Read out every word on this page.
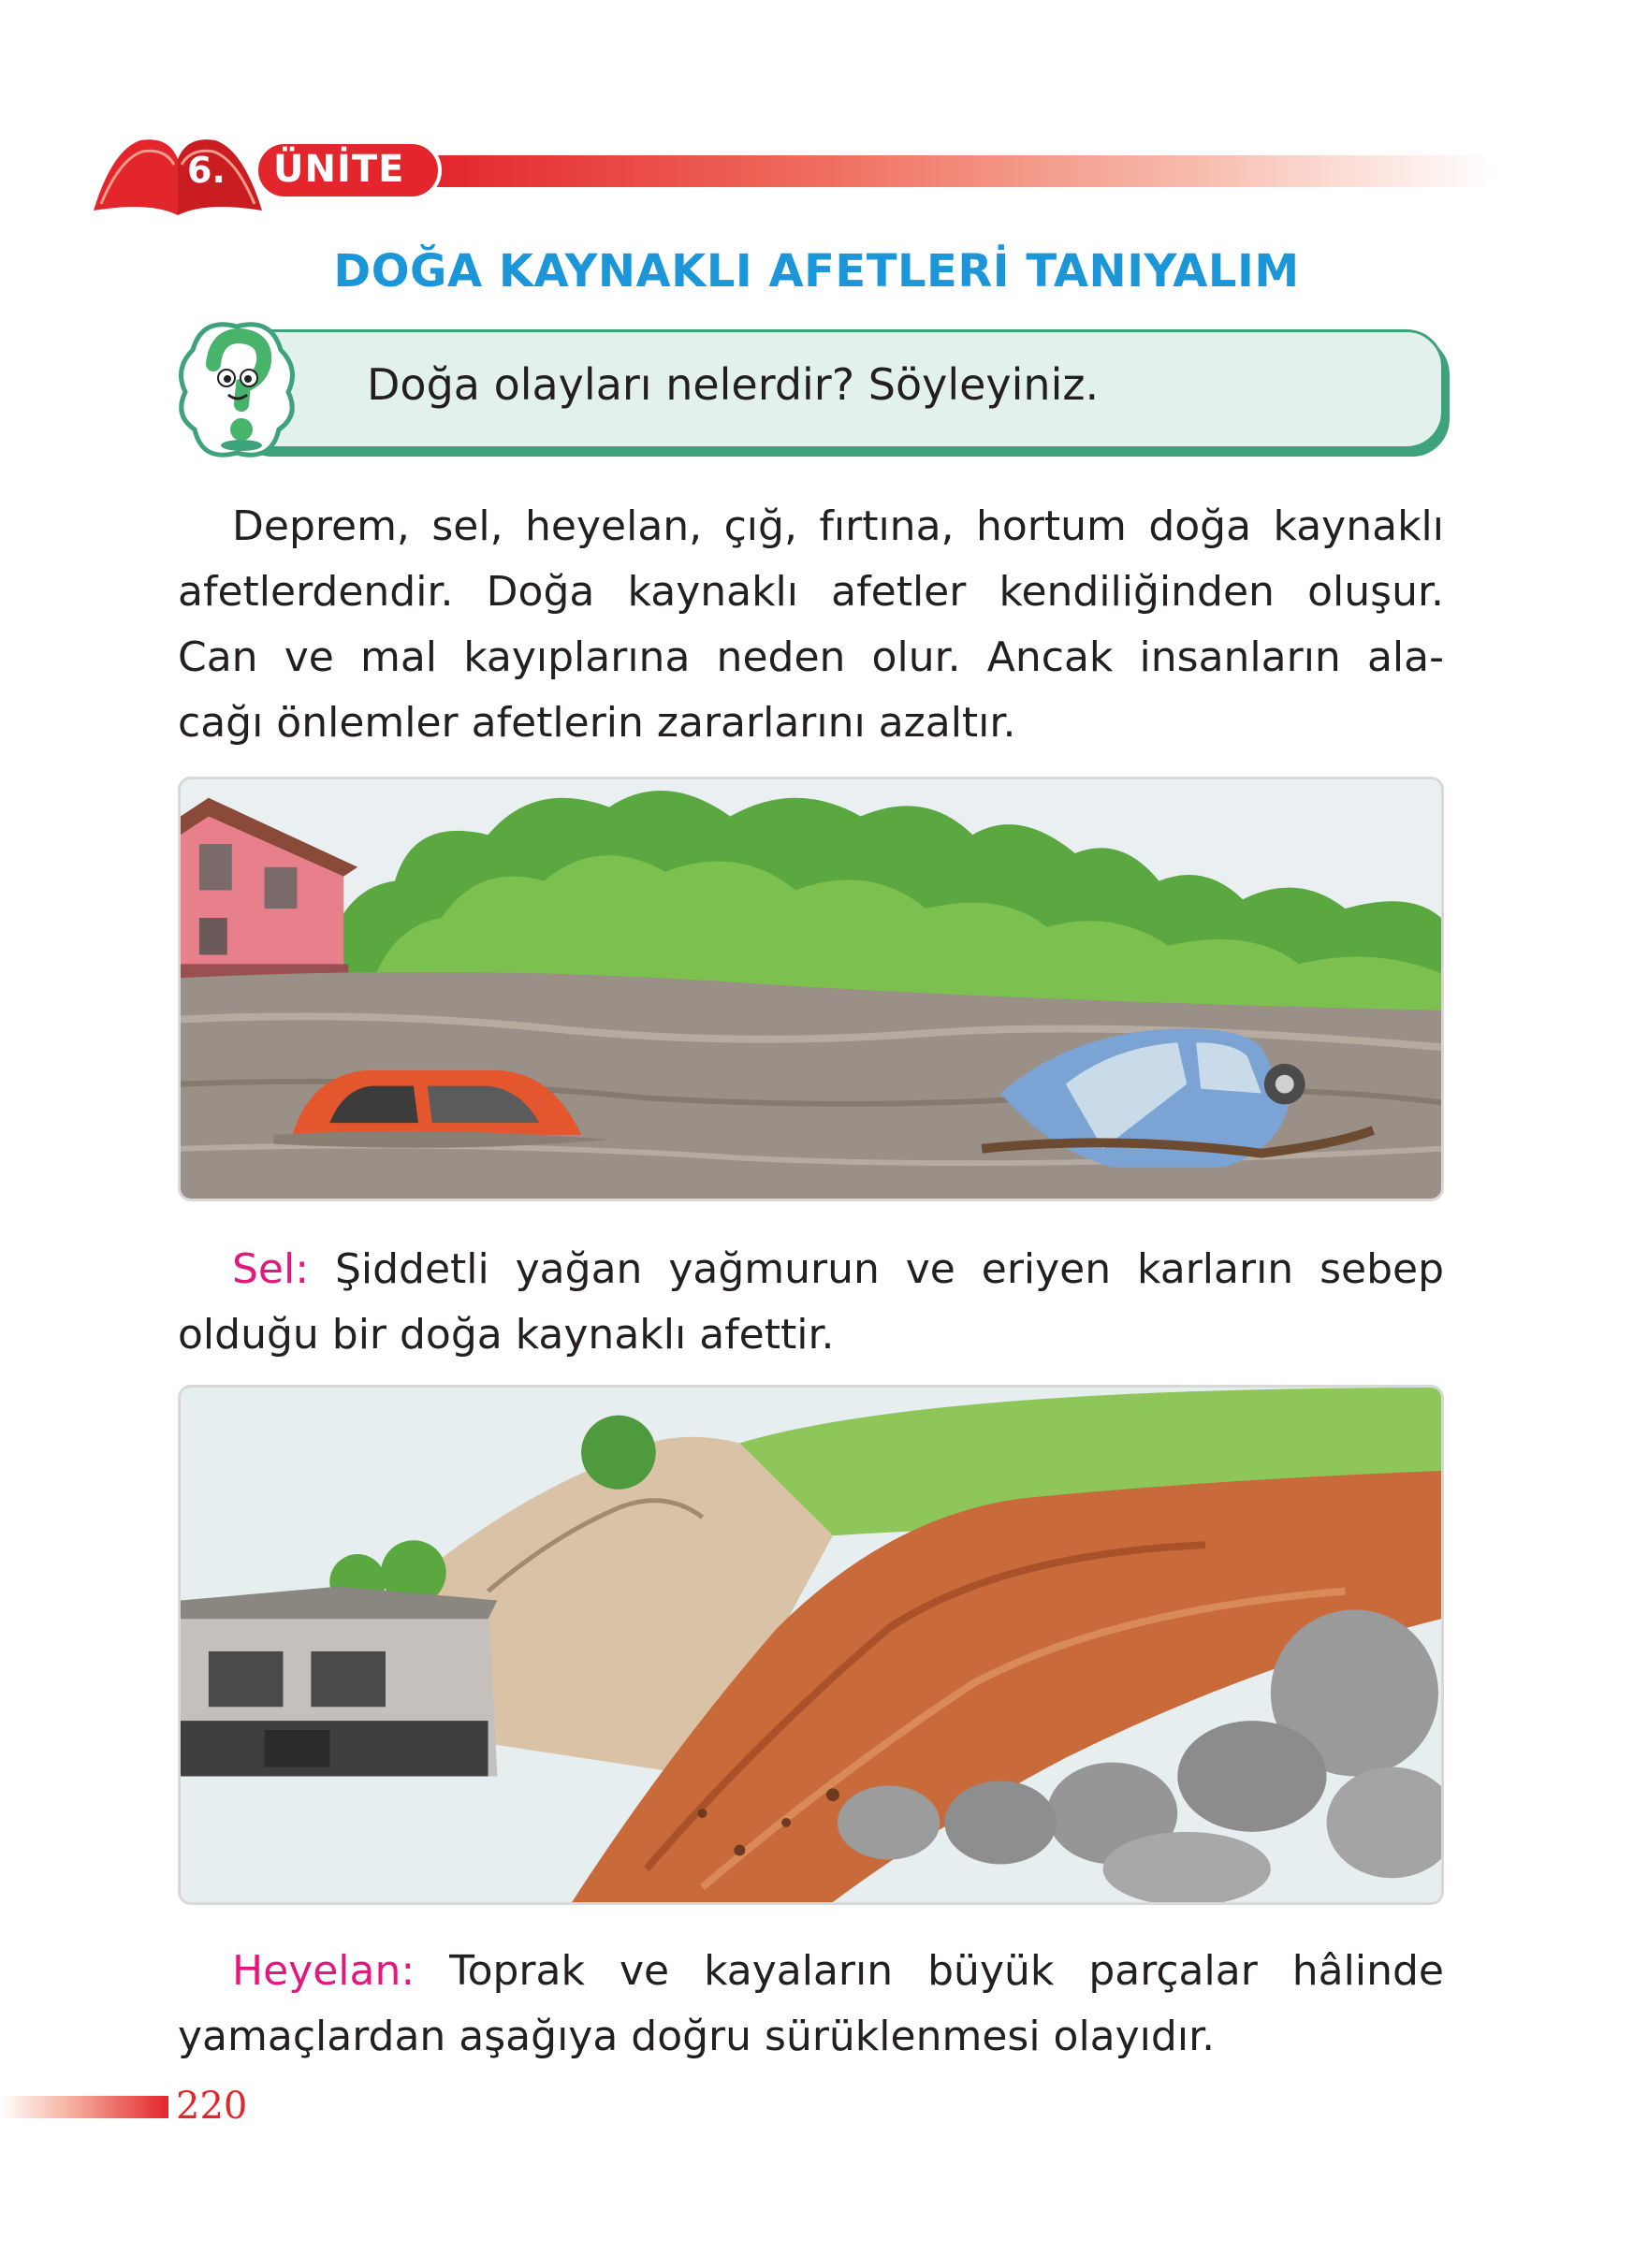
6. ÜNİTE
DOĞA KAYNAKLI AFETLERİ TANIYALIM
Doğa olayları nelerdir? Söyleyiniz.
Deprem, sel, heyelan, çığ, fırtına, hortum doğa kaynaklı
afetlerdendir. Doğa kaynaklı afetler kendiliğinden oluşur.
Can ve mal kayıplarına neden olur. Ancak insanların ala-
cağı önlemler afetlerin zararlarını azaltır.
Sel: Şiddetli yağan yağmurun ve eriyen karların sebep
olduğu bir doğa kaynaklı afettir.
Heyelan: Toprak ve kayaların büyük parçalar hâlinde
yamaçlardan aşağıya doğru sürüklenmesi olayıdır.
220
